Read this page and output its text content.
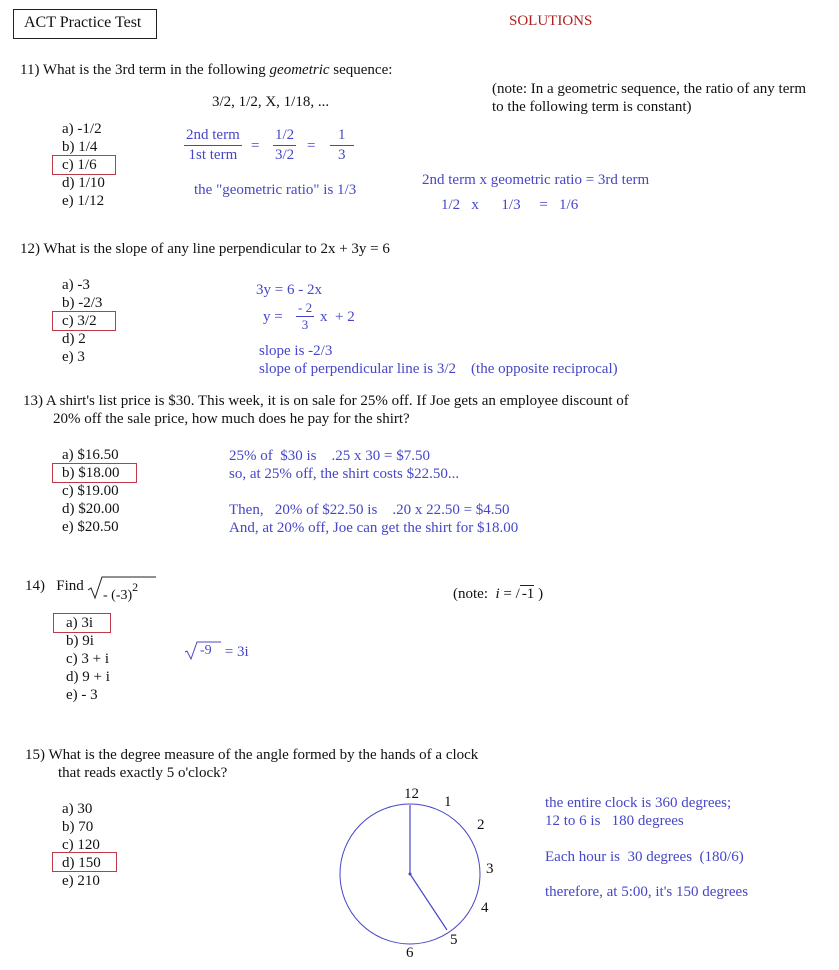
ACT Practice Test	SOLUTIONS
11) What is the 3rd term in the following geometric sequence:
3/2, 1/2, X, 1/18, ...
(note: In a geometric sequence, the ratio of any term
to the following term is constant)
a) -1/2
b) 1/4
c) 1/6
d) 1/10
e) 1/12
2nd term
1st term
= $\frac{1/2}{3/2} = \frac{1}{3}$
the "geometric ratio" is 1/3
2nd term x geometric ratio = 3rd term
1/2   x      1/3     =   1/6
12) What is the slope of any line perpendicular to 2x + 3y = 6
a) -3
b) -2/3
c) 3/2
d) 2
e) 3
3y = 6 - 2x
$y = \frac{- 2}{3}$ x  + 2
slope is -2/3
slope of perpendicular line is 3/2    (the opposite reciprocal)
13) A shirt's list price is $30. This week, it is on sale for 25% off. If Joe gets an employee discount of
20% off the sale price, how much does he pay for the shirt?
a) $16.50
b) $18.00
c) $19.00
d) $20.00
e) $20.50
25% of  $30 is    .25 x 30 = $7.50
so, at 25% off, the shirt costs $22.50...
Then,   20% of $22.50 is    .20 x 22.50 = $4.50
And, at 20% off, Joe can get the shirt for $18.00
14)   Find
- $(-3)^2$	(note:  i = / -1 )
a) 3i
b) 9i
c) 3 + i
d) 9 + i
e) - 3
-9 = 3i
15) What is the degree measure of the angle formed by the hands of a clock
that reads exactly 5 o'clock?
a) 30
b) 70
c) 120
d) 150
e) 210
12 1
2
3
4
5
6
the entire clock is 360 degrees;
12 to 6 is   180 degrees
Each hour is  30 degrees  (180/6)
therefore, at 5:00, it's 150 degrees
